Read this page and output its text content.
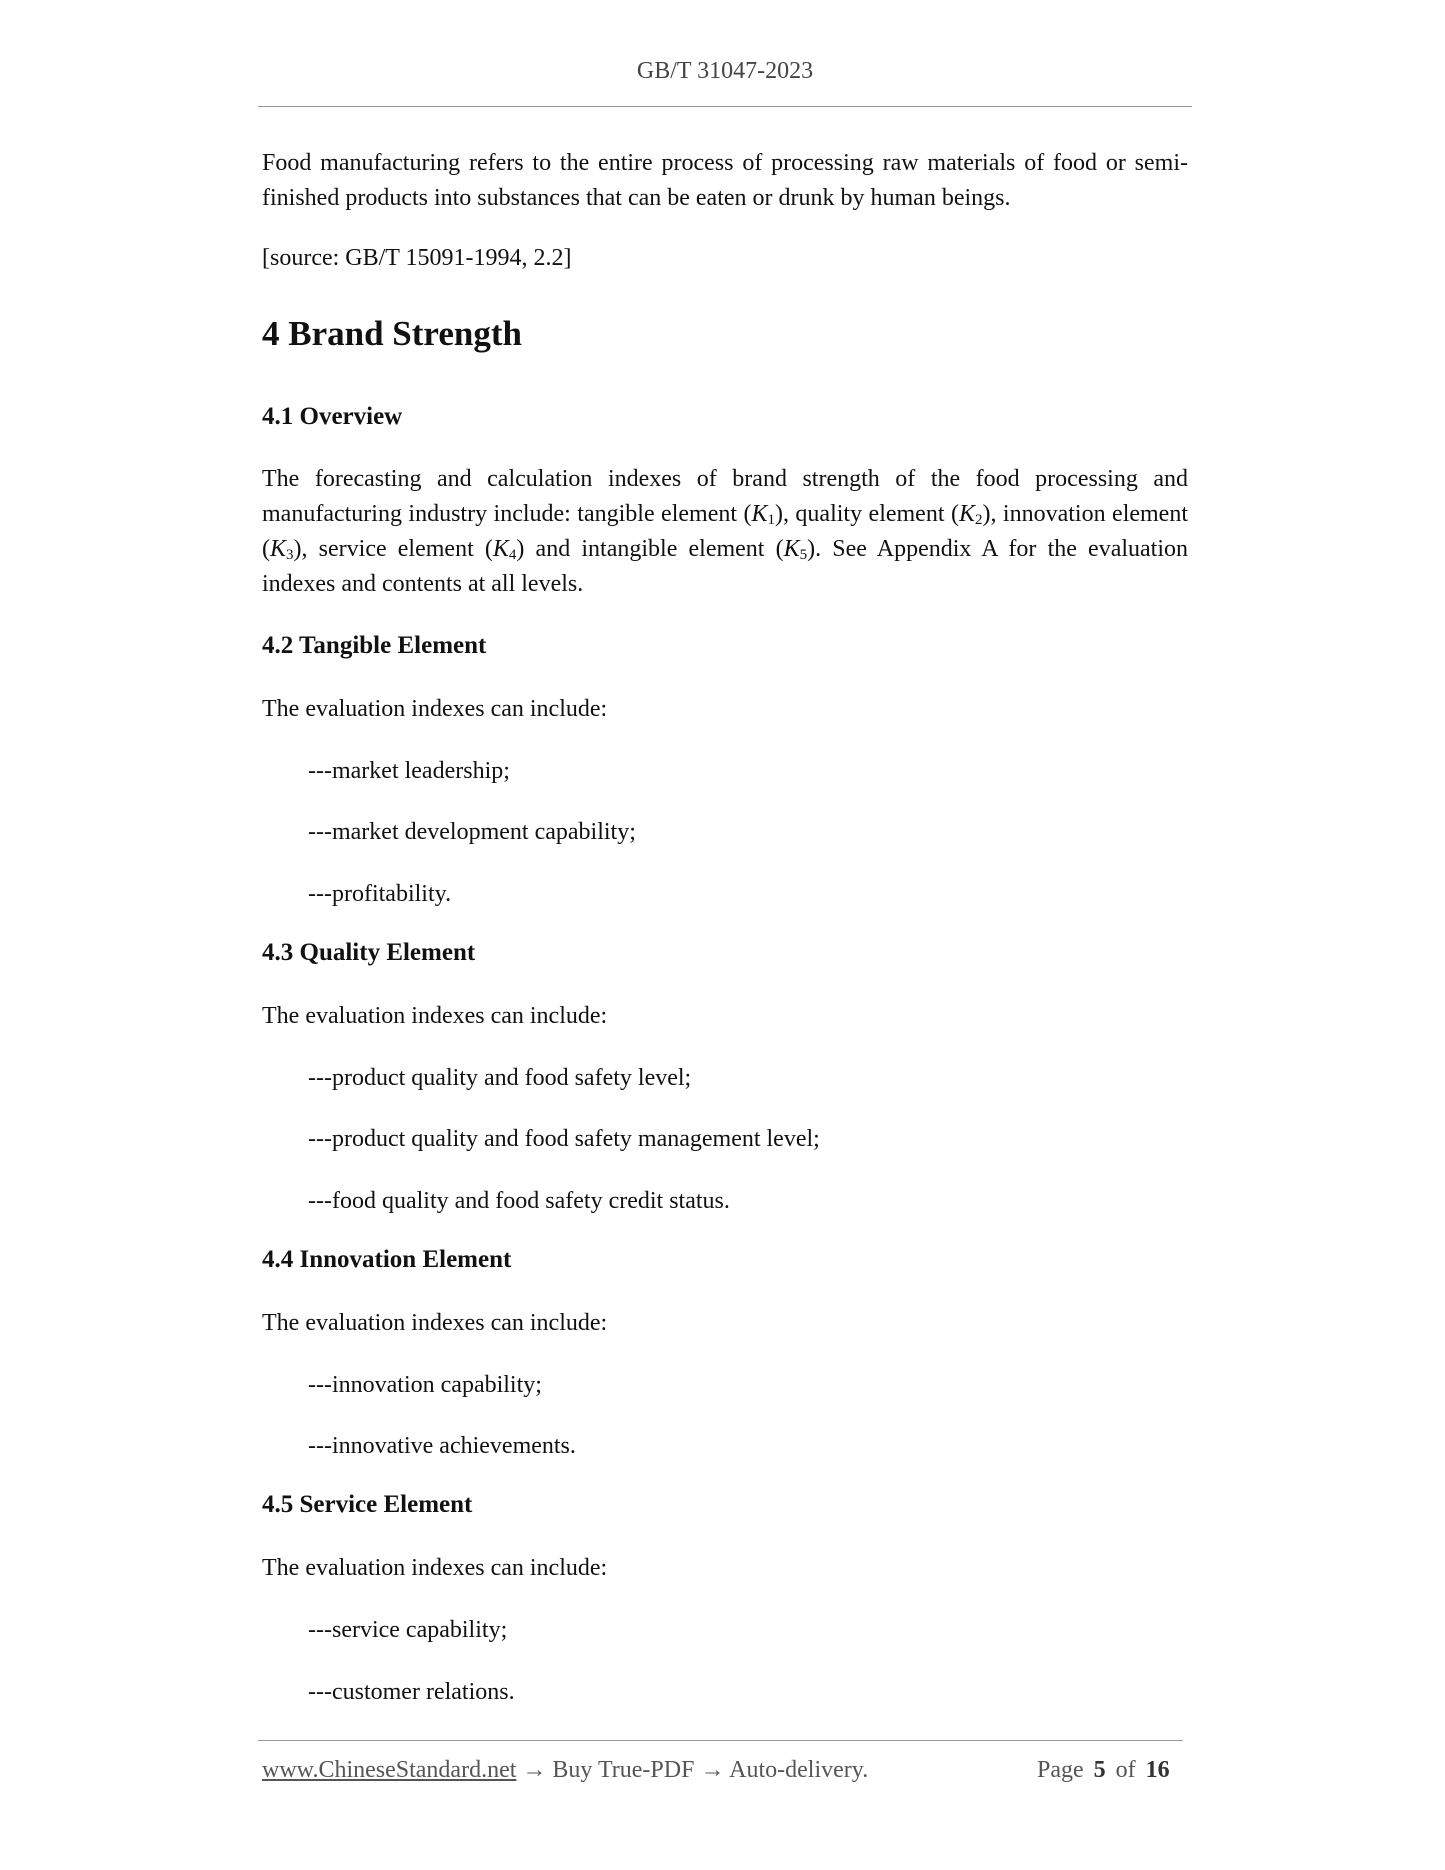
GB/T 31047-2023
Food manufacturing refers to the entire process of processing raw materials of food or semi-finished products into substances that can be eaten or drunk by human beings.
[source: GB/T 15091-1994, 2.2]
4 Brand Strength
4.1 Overview
The forecasting and calculation indexes of brand strength of the food processing and
manufacturing industry include: tangible element $(K_1)$, quality element $(K_2)$, innovation element
$(K_3)$, service element $(K_4)$ and intangible element $(K_5)$. See Appendix A for the evaluation
indexes and contents at all levels.
4.2 Tangible Element
The evaluation indexes can include:
---market leadership;
---market development capability;
---profitability.
4.3 Quality Element
The evaluation indexes can include:
---product quality and food safety level;
---product quality and food safety management level;
---food quality and food safety credit status.
4.4 Innovation Element
The evaluation indexes can include:
---innovation capability;
---innovative achievements.
4.5 Service Element
The evaluation indexes can include:
---service capability;
---customer relations.
www.ChineseStandard.net → Buy True-PDF → Auto-delivery.	Page 5 of 16
